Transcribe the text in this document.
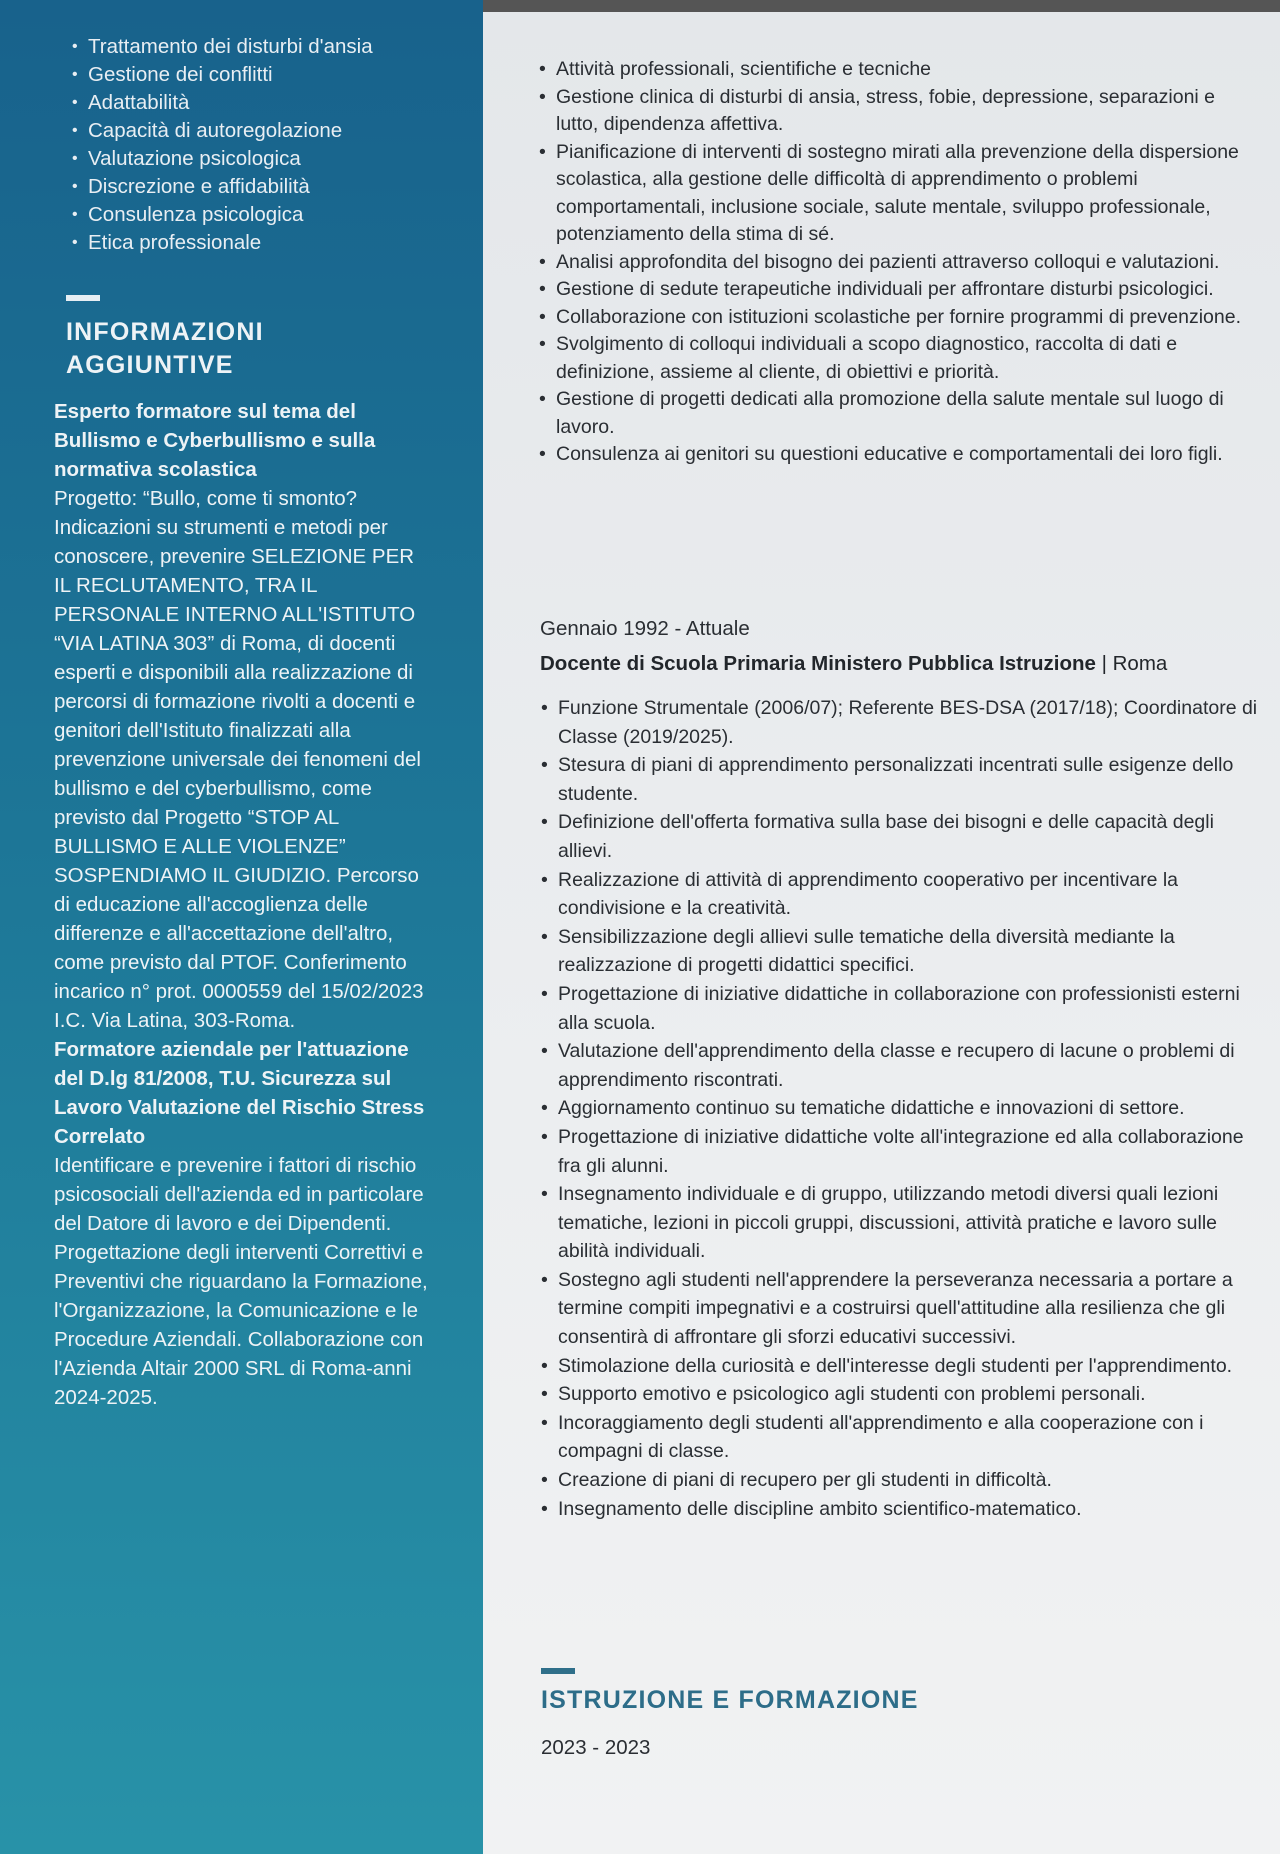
• Trattamento dei disturbi d'ansia
• Gestione dei conflitti
• Adattabilità
• Capacità di autoregolazione
• Valutazione psicologica
• Discrezione e affidabilità
• Consulenza psicologica
• Etica professionale
INFORMAZIONI
AGGIUNTIVE

Esperto formatore sul tema del Bullismo e Cyberbullismo e sulla normativa scolastica

Progetto: “Bullo, come ti smonto? Indicazioni su strumenti e metodi per conoscere, prevenire SELEZIONE PER IL RECLUTAMENTO, TRA IL PERSONALE INTERNO ALL'ISTITUTO “VIA LATINA 303” di Roma, di docenti esperti e disponibili alla realizzazione di percorsi di formazione rivolti a docenti e genitori dell'Istituto finalizzati alla prevenzione universale dei fenomeni del bullismo e del cyberbullismo, come previsto dal Progetto “STOP AL BULLISMO E ALLE VIOLENZE” SOSPENDIAMO IL GIUDIZIO. Percorso di educazione all'accoglienza delle differenze e all'accettazione dell'altro, come previsto dal PTOF. Conferimento incarico n° prot. 0000559 del 15/02/2023 I.C. Via Latina, 303-Roma.

Formatore aziendale per l'attuazione del D.lg 81/2008, T.U. Sicurezza sul Lavoro Valutazione del Rischio Stress Correlato

Identificare e prevenire i fattori di rischio psicosociali dell'azienda ed in particolare del Datore di lavoro e dei Dipendenti. Progettazione degli interventi Correttivi e Preventivi che riguardano la Formazione, l'Organizzazione, la Comunicazione e le Procedure Aziendali. Collaborazione con l'Azienda Altair 2000 SRL di Roma-anni 2024-2025.

• Attività professionali, scientifiche e tecniche
• Gestione clinica di disturbi di ansia, stress, fobie, depressione, separazioni e lutto, dipendenza affettiva.
• Pianificazione di interventi di sostegno mirati alla prevenzione della dispersione scolastica, alla gestione delle difficoltà di apprendimento o problemi comportamentali, inclusione sociale, salute mentale, sviluppo professionale, potenziamento della stima di sé.
• Analisi approfondita del bisogno dei pazienti attraverso colloqui e valutazioni.
• Gestione di sedute terapeutiche individuali per affrontare disturbi psicologici.
• Collaborazione con istituzioni scolastiche per fornire programmi di prevenzione.
• Svolgimento di colloqui individuali a scopo diagnostico, raccolta di dati e definizione, assieme al cliente, di obiettivi e priorità.
• Gestione di progetti dedicati alla promozione della salute mentale sul luogo di lavoro.
• Consulenza ai genitori su questioni educative e comportamentali dei loro figli.
Gennaio 1992 - Attuale
Docente di Scuola Primaria Ministero Pubblica Istruzione | Roma
• Funzione Strumentale (2006/07); Referente BES-DSA (2017/18); Coordinatore di Classe (2019/2025).
• Stesura di piani di apprendimento personalizzati incentrati sulle esigenze dello studente.
• Definizione dell'offerta formativa sulla base dei bisogni e delle capacità degli allievi.
• Realizzazione di attività di apprendimento cooperativo per incentivare la condivisione e la creatività.
• Sensibilizzazione degli allievi sulle tematiche della diversità mediante la realizzazione di progetti didattici specifici.
• Progettazione di iniziative didattiche in collaborazione con professionisti esterni alla scuola.
• Valutazione dell'apprendimento della classe e recupero di lacune o problemi di apprendimento riscontrati.
• Aggiornamento continuo su tematiche didattiche e innovazioni di settore.
• Progettazione di iniziative didattiche volte all'integrazione ed alla collaborazione fra gli alunni.
• Insegnamento individuale e di gruppo, utilizzando metodi diversi quali lezioni tematiche, lezioni in piccoli gruppi, discussioni, attività pratiche e lavoro sulle abilità individuali.
• Sostegno agli studenti nell'apprendere la perseveranza necessaria a portare a termine compiti impegnativi e a costruirsi quell'attitudine alla resilienza che gli consentirà di affrontare gli sforzi educativi successivi.
• Stimolazione della curiosità e dell'interesse degli studenti per l'apprendimento.
• Supporto emotivo e psicologico agli studenti con problemi personali.
• Incoraggiamento degli studenti all'apprendimento e alla cooperazione con i compagni di classe.
• Creazione di piani di recupero per gli studenti in difficoltà.
• Insegnamento delle discipline ambito scientifico-matematico.
ISTRUZIONE E FORMAZIONE
2023 - 2023
